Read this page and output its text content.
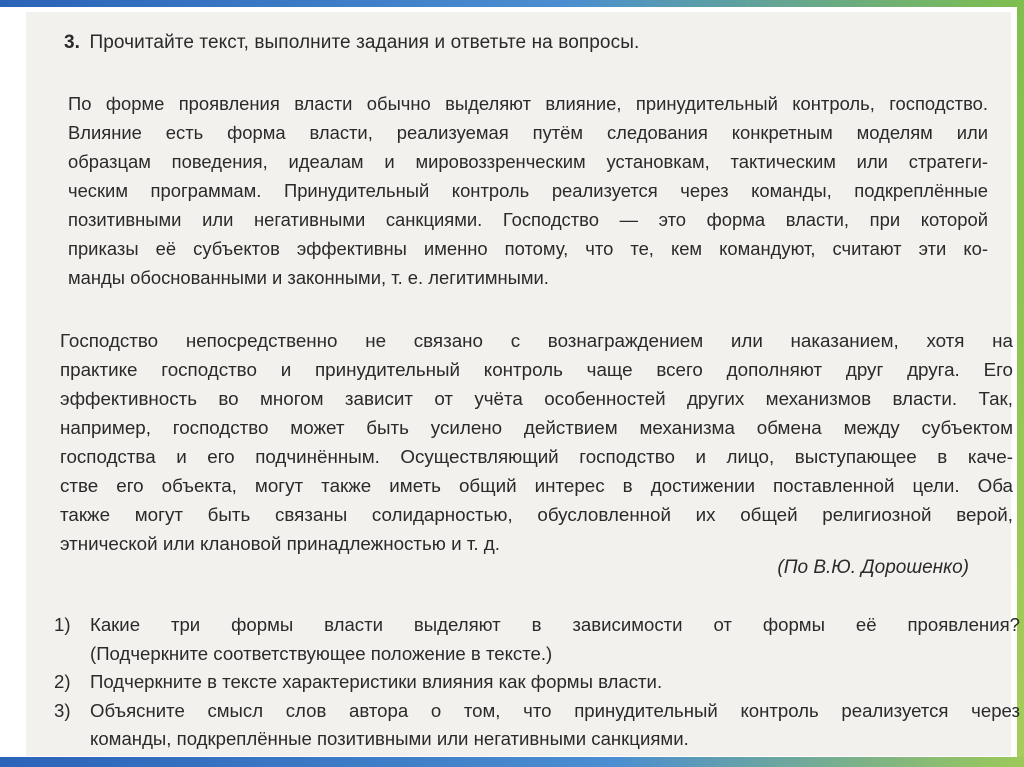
3. Прочитайте текст, выполните задания и ответьте на вопросы.
По форме проявления власти обычно выделяют влияние, принудительный контроль, господство.
Влияние есть форма власти, реализуемая путём следования конкретным моделям или
образцам поведения, идеалам и мировоззренческим установкам, тактическим или стратеги-
ческим программам. Принудительный контроль реализуется через команды, подкреплённые
позитивными или негативными санкциями. Господство — это форма власти, при которой
приказы её субъектов эффективны именно потому, что те, кем командуют, считают эти ко-
манды обоснованными и законными, т. е. легитимными.
Господство непосредственно не связано с вознаграждением или наказанием, хотя на
практике господство и принудительный контроль чаще всего дополняют друг друга. Его
эффективность во многом зависит от учёта особенностей других механизмов власти. Так,
например, господство может быть усилено действием механизма обмена между субъектом
господства и его подчинённым. Осуществляющий господство и лицо, выступающее в каче-
стве его объекта, могут также иметь общий интерес в достижении поставленной цели. Оба
также могут быть связаны солидарностью, обусловленной их общей религиозной верой,
этнической или клановой принадлежностью и т. д.
(По В.Ю. Дорошенко)
1)	Какие три формы власти выделяют в зависимости от формы её проявления?
(Подчеркните соответствующее положение в тексте.)
2)	Подчеркните в тексте характеристики влияния как формы власти.
3)	Объясните смысл слов автора о том, что принудительный контроль реализуется через
команды, подкреплённые позитивными или негативными санкциями.
